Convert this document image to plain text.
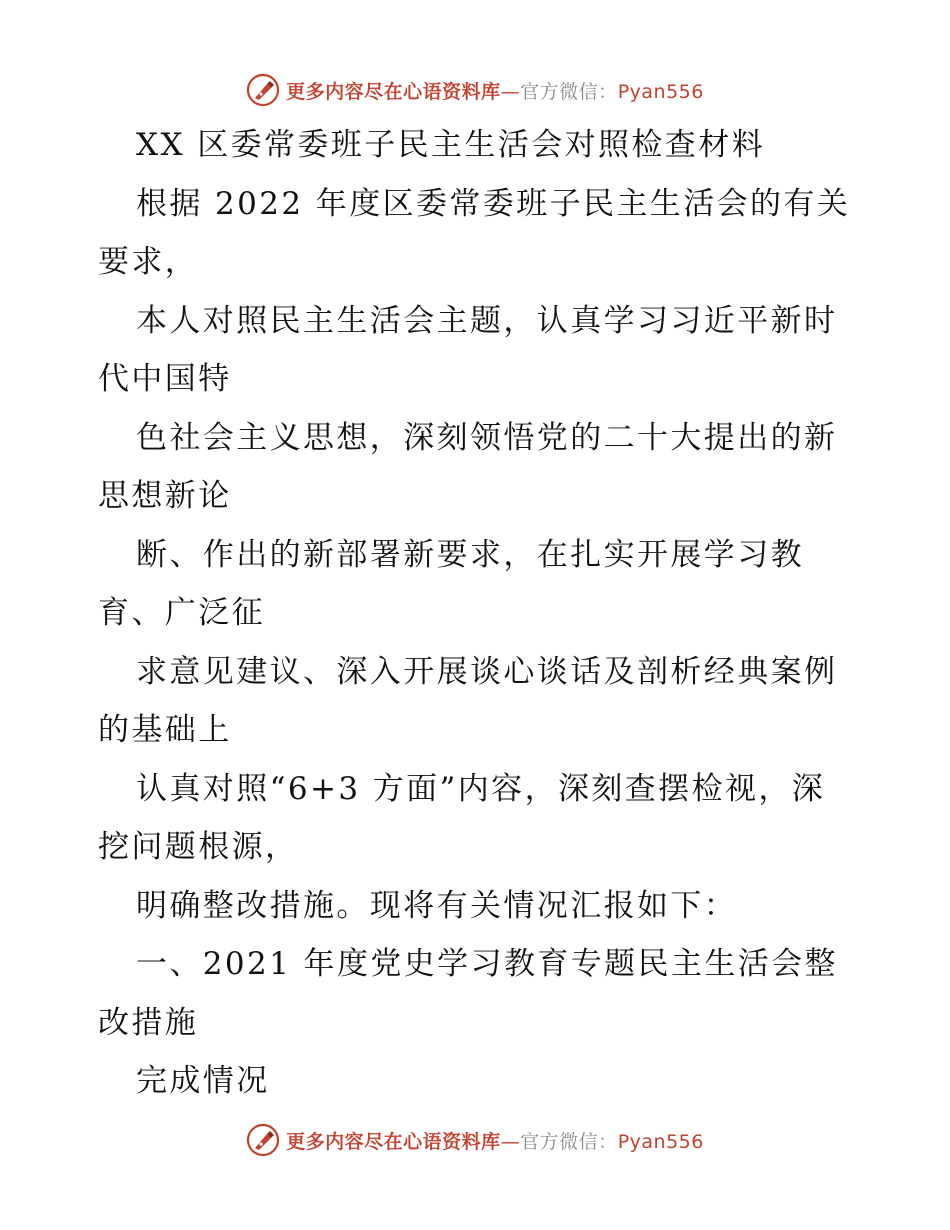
更多内容尽在心语资料库—官方微信：Pyan556
XX 区委常委班子民主生活会对照检查材料
根据 2022 年度区委常委班子民主生活会的有关
要求，
本人对照民主生活会主题，认真学习习近平新时
代中国特
色社会主义思想，深刻领悟党的二十大提出的新
思想新论
断、作出的新部署新要求，在扎实开展学习教
育、广泛征
求意见建议、深入开展谈心谈话及剖析经典案例
的基础上
认真对照“6+3 方面”内容，深刻查摆检视，深
挖问题根源，
明确整改措施。现将有关情况汇报如下：
一、2021 年度党史学习教育专题民主生活会整
改措施
完成情况
更多内容尽在心语资料库—官方微信：Pyan556
